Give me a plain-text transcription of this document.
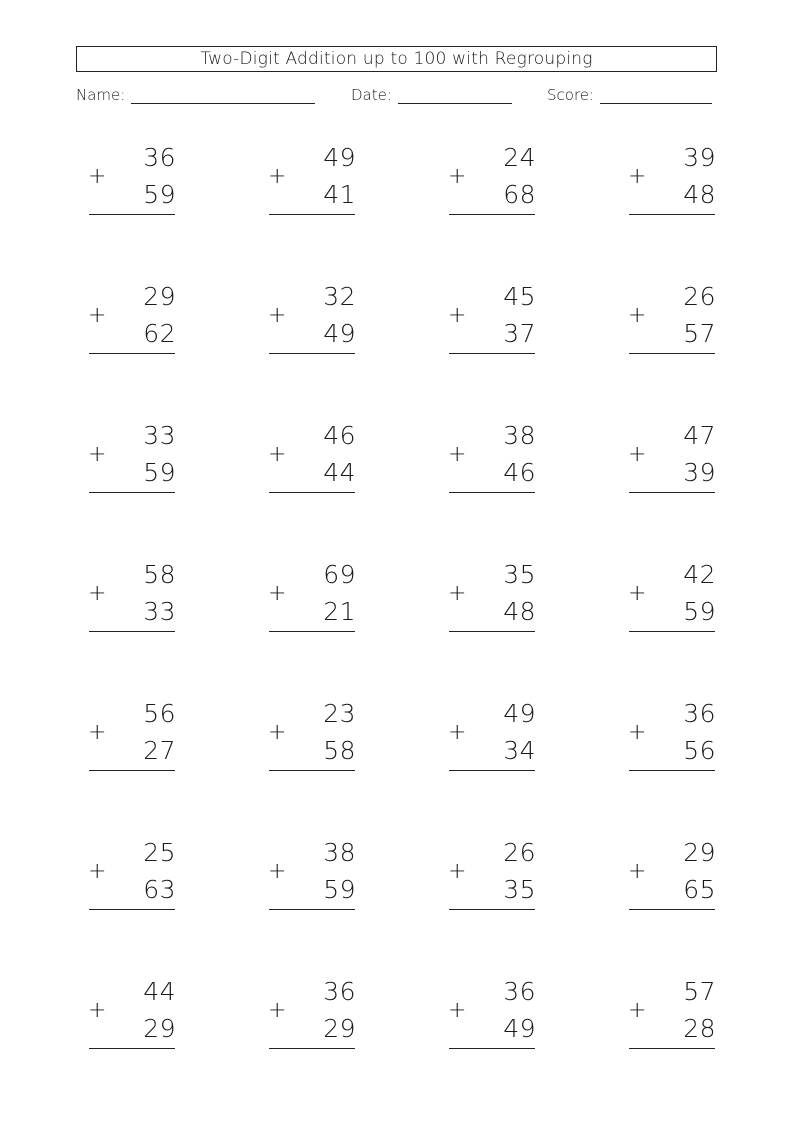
Two-Digit Addition up to 100 with Regrouping
Name:	Date:	Score:
36
+
59
49
+
41
24
+
68
39
+
48
29
+
62
32
+
49
45
+
37
26
+
57
33
+
59
46
+
44
38
+
46
47
+
39
58
+
33
69
+
21
35
+
48
42
+
59
56
+
27
23
+
58
49
+
34
36
+
56
25
+
63
38
+
59
26
+
35
29
+
65
44
+
29
36
+
29
36
+
49
57
+
28
